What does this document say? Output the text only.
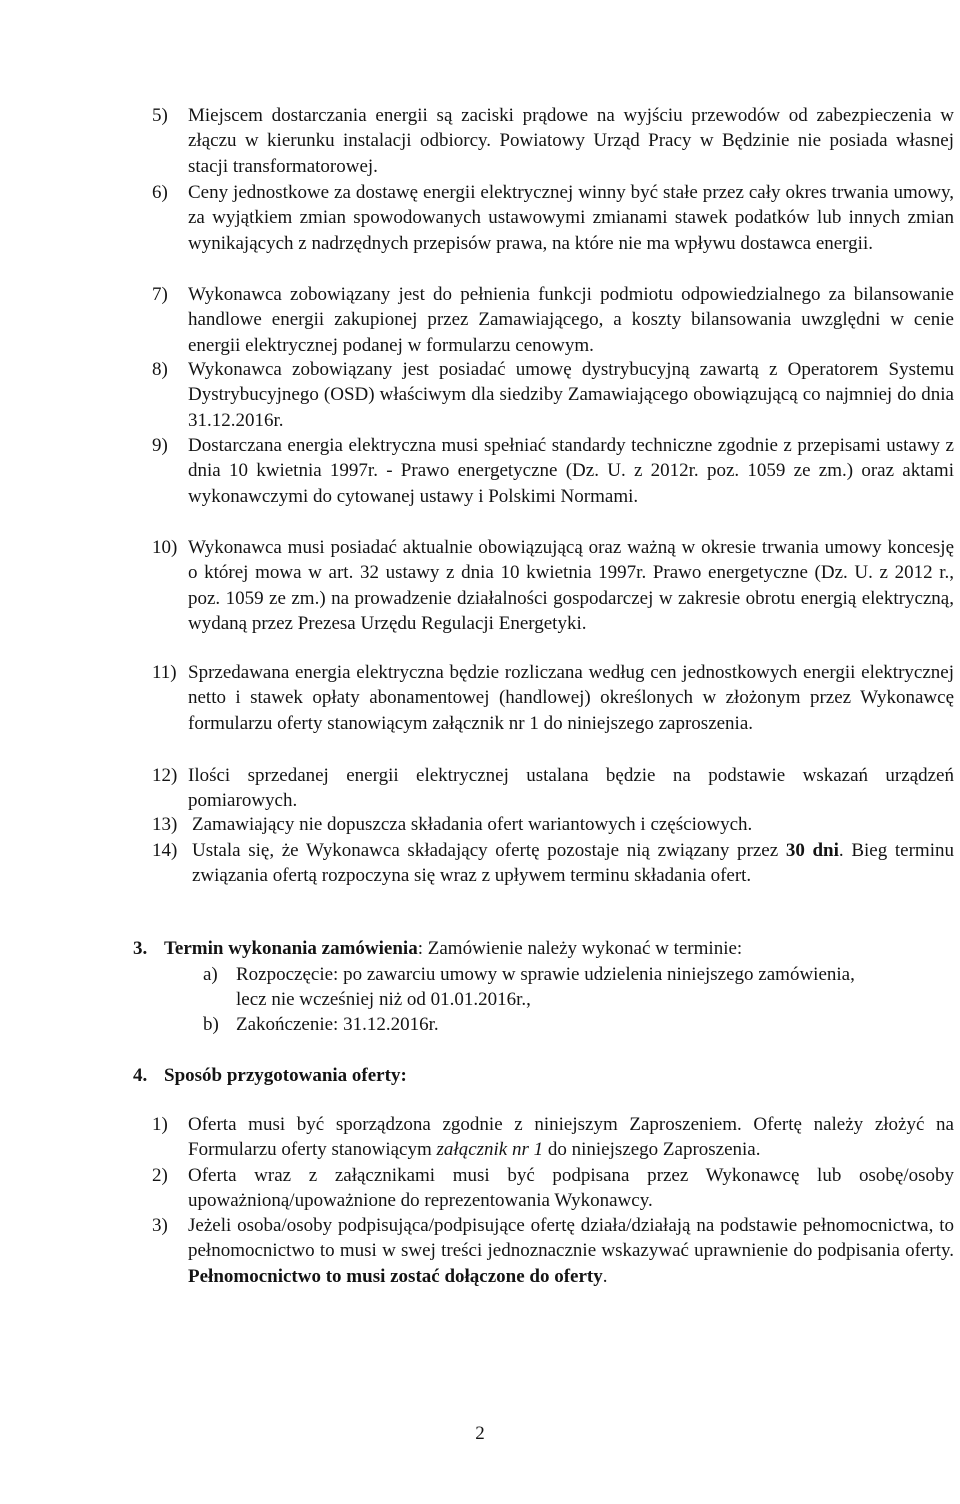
5) Miejscem dostarczania energii są zaciski prądowe na wyjściu przewodów od zabezpieczenia w złączu w kierunku instalacji odbiorcy. Powiatowy Urząd Pracy w Będzinie nie posiada własnej stacji transformatorowej.
6) Ceny jednostkowe za dostawę energii elektrycznej winny być stałe przez cały okres trwania umowy, za wyjątkiem zmian spowodowanych ustawowymi zmianami stawek podatków lub innych zmian wynikających z nadrzędnych przepisów prawa, na które nie ma wpływu dostawca energii.
7) Wykonawca zobowiązany jest do pełnienia funkcji podmiotu odpowiedzialnego za bilansowanie handlowe energii zakupionej przez Zamawiającego, a koszty bilansowania uwzględni w cenie energii elektrycznej podanej w formularzu cenowym.
8) Wykonawca zobowiązany jest posiadać umowę dystrybucyjną zawartą z Operatorem Systemu Dystrybucyjnego (OSD) właściwym dla siedziby Zamawiającego obowiązującą co najmniej do dnia 31.12.2016r.
9) Dostarczana energia elektryczna musi spełniać standardy techniczne zgodnie z przepisami ustawy z dnia 10 kwietnia 1997r. - Prawo energetyczne (Dz. U. z 2012r. poz. 1059 ze zm.) oraz aktami wykonawczymi do cytowanej ustawy i Polskimi Normami.
10) Wykonawca musi posiadać aktualnie obowiązującą oraz ważną w okresie trwania umowy koncesję o której mowa w art. 32 ustawy z dnia 10 kwietnia 1997r. Prawo energetyczne (Dz. U. z 2012 r., poz. 1059 ze zm.) na prowadzenie działalności gospodarczej w zakresie obrotu energią elektryczną, wydaną przez Prezesa Urzędu Regulacji Energetyki.
11) Sprzedawana energia elektryczna będzie rozliczana według cen jednostkowych energii elektrycznej netto i stawek opłaty abonamentowej (handlowej) określonych w złożonym przez Wykonawcę formularzu oferty stanowiącym załącznik nr 1 do niniejszego zaproszenia.
12) Ilości sprzedanej energii elektrycznej ustalana będzie na podstawie wskazań urządzeń pomiarowych.
13) Zamawiający nie dopuszcza składania ofert wariantowych i częściowych.
14) Ustala się, że Wykonawca składający ofertę pozostaje nią związany przez 30 dni. Bieg terminu związania ofertą rozpoczyna się wraz z upływem terminu składania ofert.
3. Termin wykonania zamówienia: Zamówienie należy wykonać w terminie:
a) Rozpoczęcie: po zawarciu umowy w sprawie udzielenia niniejszego zamówienia, lecz nie wcześniej niż od 01.01.2016r.,
b) Zakończenie: 31.12.2016r.
4. Sposób przygotowania oferty:
1) Oferta musi być sporządzona zgodnie z niniejszym Zaproszeniem. Ofertę należy złożyć na Formularzu oferty stanowiącym załącznik nr 1 do niniejszego Zaproszenia.
2) Oferta wraz z załącznikami musi być podpisana przez Wykonawcę lub osobę/osoby upoważnioną/upoważnione do reprezentowania Wykonawcy.
3) Jeżeli osoba/osoby podpisująca/podpisujące ofertę działa/działają na podstawie pełnomocnictwa, to pełnomocnictwo to musi w swej treści jednoznacznie wskazywać uprawnienie do podpisania oferty. Pełnomocnictwo to musi zostać dołączone do oferty.
2
